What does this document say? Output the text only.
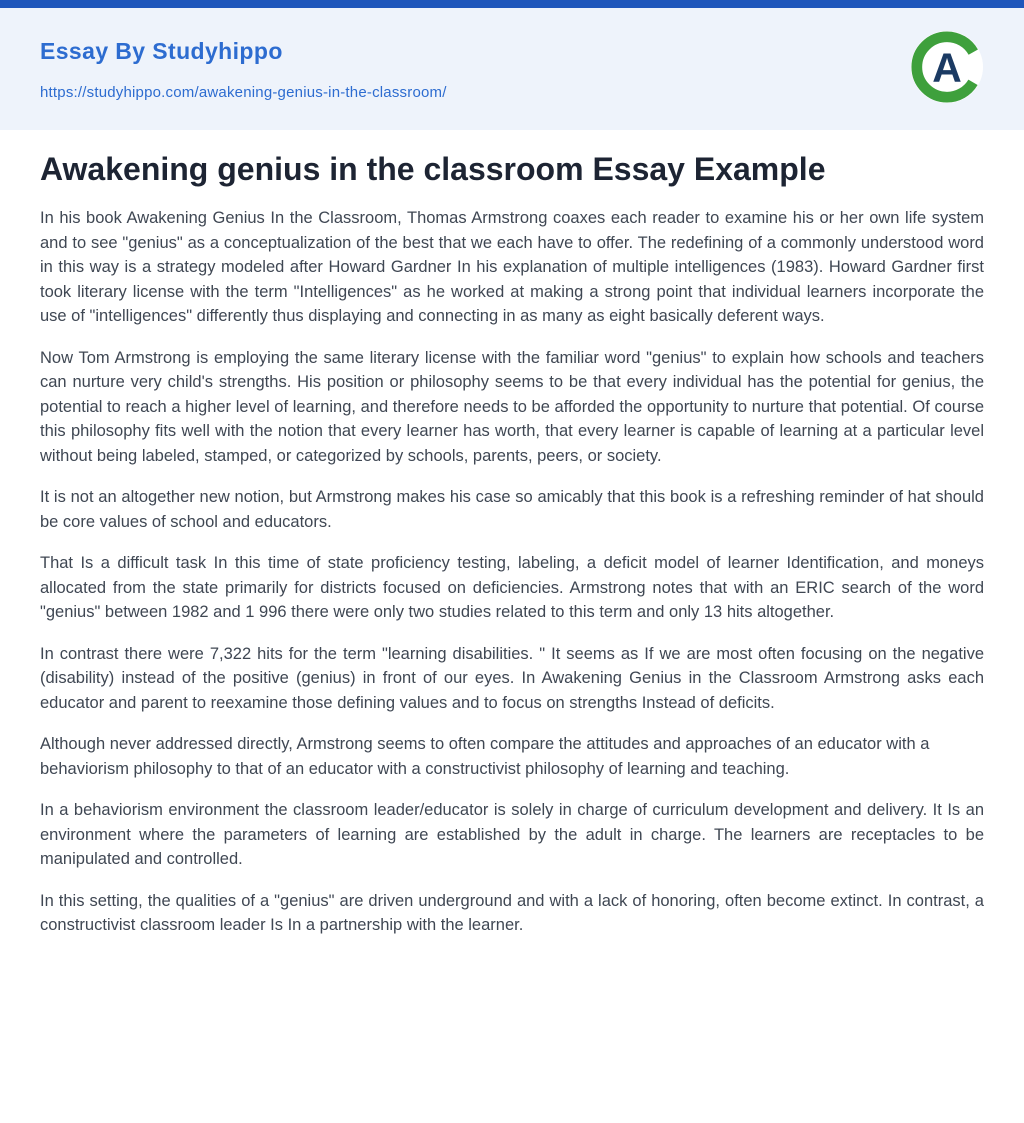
Essay By Studyhippo
https://studyhippo.com/awakening-genius-in-the-classroom/
A
Awakening genius in the classroom Essay Example

In his book Awakening Genius In the Classroom, Thomas Armstrong coaxes each reader to examine his or her own life system and to see "genius" as a conceptualization of the best that we each have to offer. The redefining of a commonly understood word in this way is a strategy modeled after Howard Gardner In his explanation of multiple intelligences (1983). Howard Gardner first took literary license with the term "Intelligences" as he worked at making a strong point that individual learners incorporate the use of "intelligences" differently thus displaying and connecting in as many as eight basically deferent ways.

Now Tom Armstrong is employing the same literary license with the familiar word "genius" to explain how schools and teachers can nurture very child's strengths. His position or philosophy seems to be that every individual has the potential for genius, the potential to reach a higher level of learning, and therefore needs to be afforded the opportunity to nurture that potential. Of course this philosophy fits well with the notion that every learner has worth, that every learner is capable of learning at a particular level without being labeled, stamped, or categorized by schools, parents, peers, or society.

It is not an altogether new notion, but Armstrong makes his case so amicably that this book is a refreshing reminder of hat should be core values of school and educators.

That Is a difficult task In this time of state proficiency testing, labeling, a deficit model of learner Identification, and moneys allocated from the state primarily for districts focused on deficiencies. Armstrong notes that with an ERIC search of the word "genius" between 1982 and 1 996 there were only two studies related to this term and only 13 hits altogether.

In contrast there were 7,322 hits for the term "learning disabilities. " It seems as If we are most often focusing on the negative (disability) instead of the positive (genius) in front of our eyes. In Awakening Genius in the Classroom Armstrong asks each educator and parent to reexamine those defining values and to focus on strengths Instead of deficits.

Although never addressed directly, Armstrong seems to often compare the attitudes and approaches of an educator with a behaviorism philosophy to that of an educator with a constructivist philosophy of learning and teaching.

In a behaviorism environment the classroom leader/educator is solely in charge of curriculum development and delivery. It Is an environment where the parameters of learning are established by the adult in charge. The learners are receptacles to be manipulated and controlled.

In this setting, the qualities of a "genius" are driven underground and with a lack of honoring, often become extinct. In contrast, a constructivist classroom leader Is In a partnership with the learner.
